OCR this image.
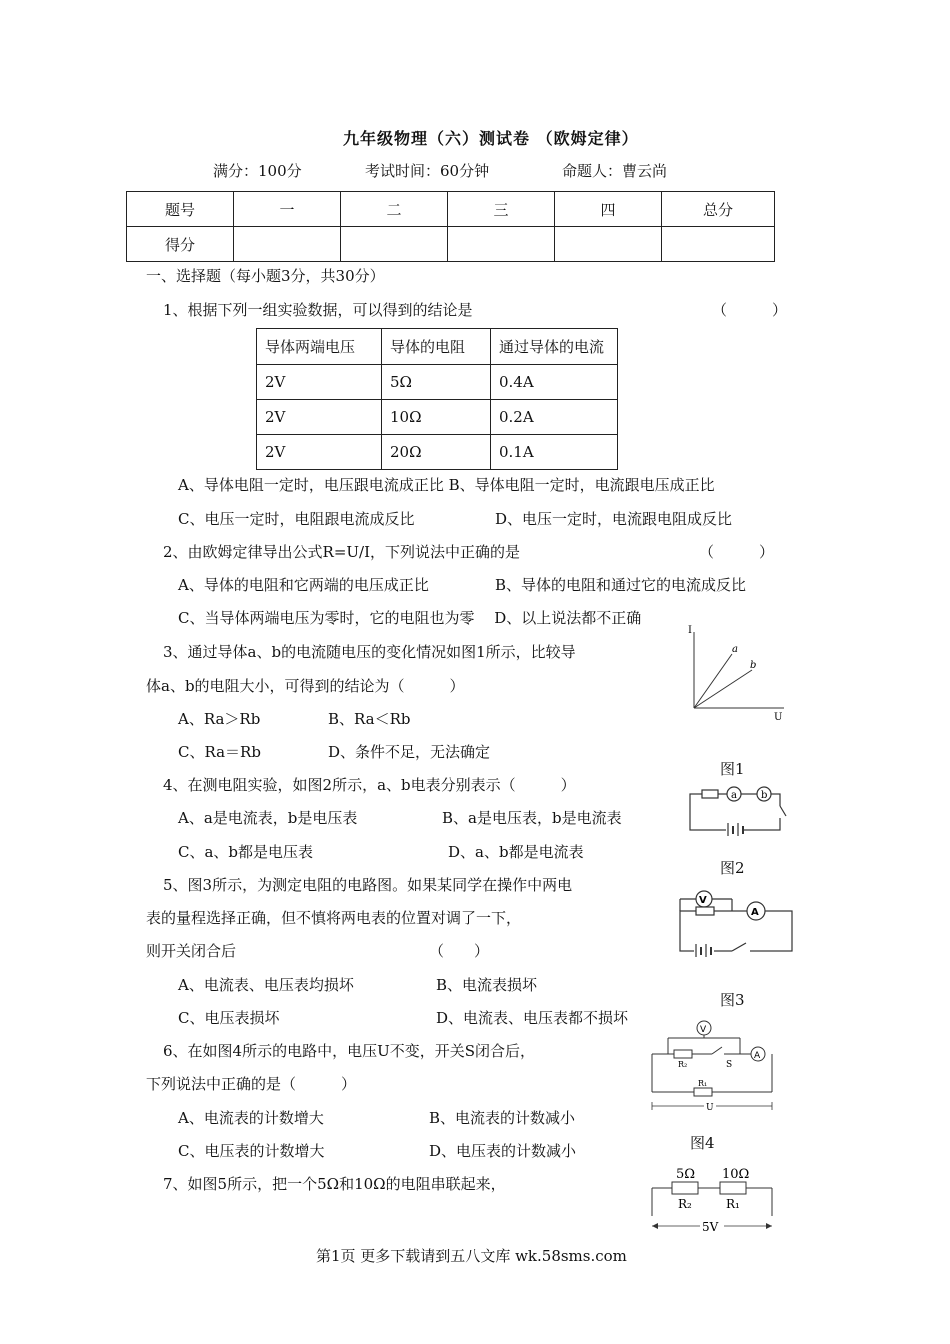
九年级物理（六）测试卷 （欧姆定律）
满分：100分	考试时间：60分钟	命题人：曹云尚
题号	一	二	三	四	总分
得分					
一、选择题（每小题3分，共30分）
1、根据下列一组实验数据，可以得到的结论是	（　　　）
导体两端电压	导体的电阻	通过导体的电流
2V	5Ω	0.4A
2V	10Ω	0.2A
2V	20Ω	0.1A
A、导体电阻一定时，电压跟电流成正比 B、导体电阻一定时，电流跟电压成正比
C、电压一定时，电阻跟电流成反比	D、电压一定时，电流跟电阻成反比
2、由欧姆定律导出公式R=U/I，下列说法中正确的是	（　　　）
A、导体的电阻和它两端的电压成正比	B、导体的电阻和通过它的电流成反比
C、当导体两端电压为零时，它的电阻也为零　 D、以上说法都不正确
3、通过导体a、b的电流随电压的变化情况如图1所示，比较导
体a、b的电阻大小，可得到的结论为（　　　）
A、Ra＞Rb	B、Ra＜Rb
C、Ra＝Rb	D、条件不足，无法确定
4、在测电阻实验，如图2所示，a、b电表分别表示（　　　）
A、a是电流表，b是电压表	B、a是电压表，b是电流表
C、a、b都是电压表	D、a、b都是电流表
5、图3所示，为测定电阻的电路图。如果某同学在操作中两电
表的量程选择正确，但不慎将两电表的位置对调了一下，
则开关闭合后	（　　）
A、电流表、电压表均损坏	B、电流表损坏
C、电压表损坏	D、电流表、电压表都不损坏
6、在如图4所示的电路中，电压U不变，开关S闭合后，
下列说法中正确的是（　　　）
A、电流表的计数增大	B、电流表的计数减小
C、电压表的计数增大	D、电压表的计数减小
7、如图5所示，把一个5Ω和10Ω的电阻串联起来，
I
U
a
b
图1
a b
图2
V
A
图3
V
A
R₂	S
R₁
U
图4
5Ω 10Ω
R₂	R₁
5V
第1页 更多下载请到五八文库 wk.58sms.com
